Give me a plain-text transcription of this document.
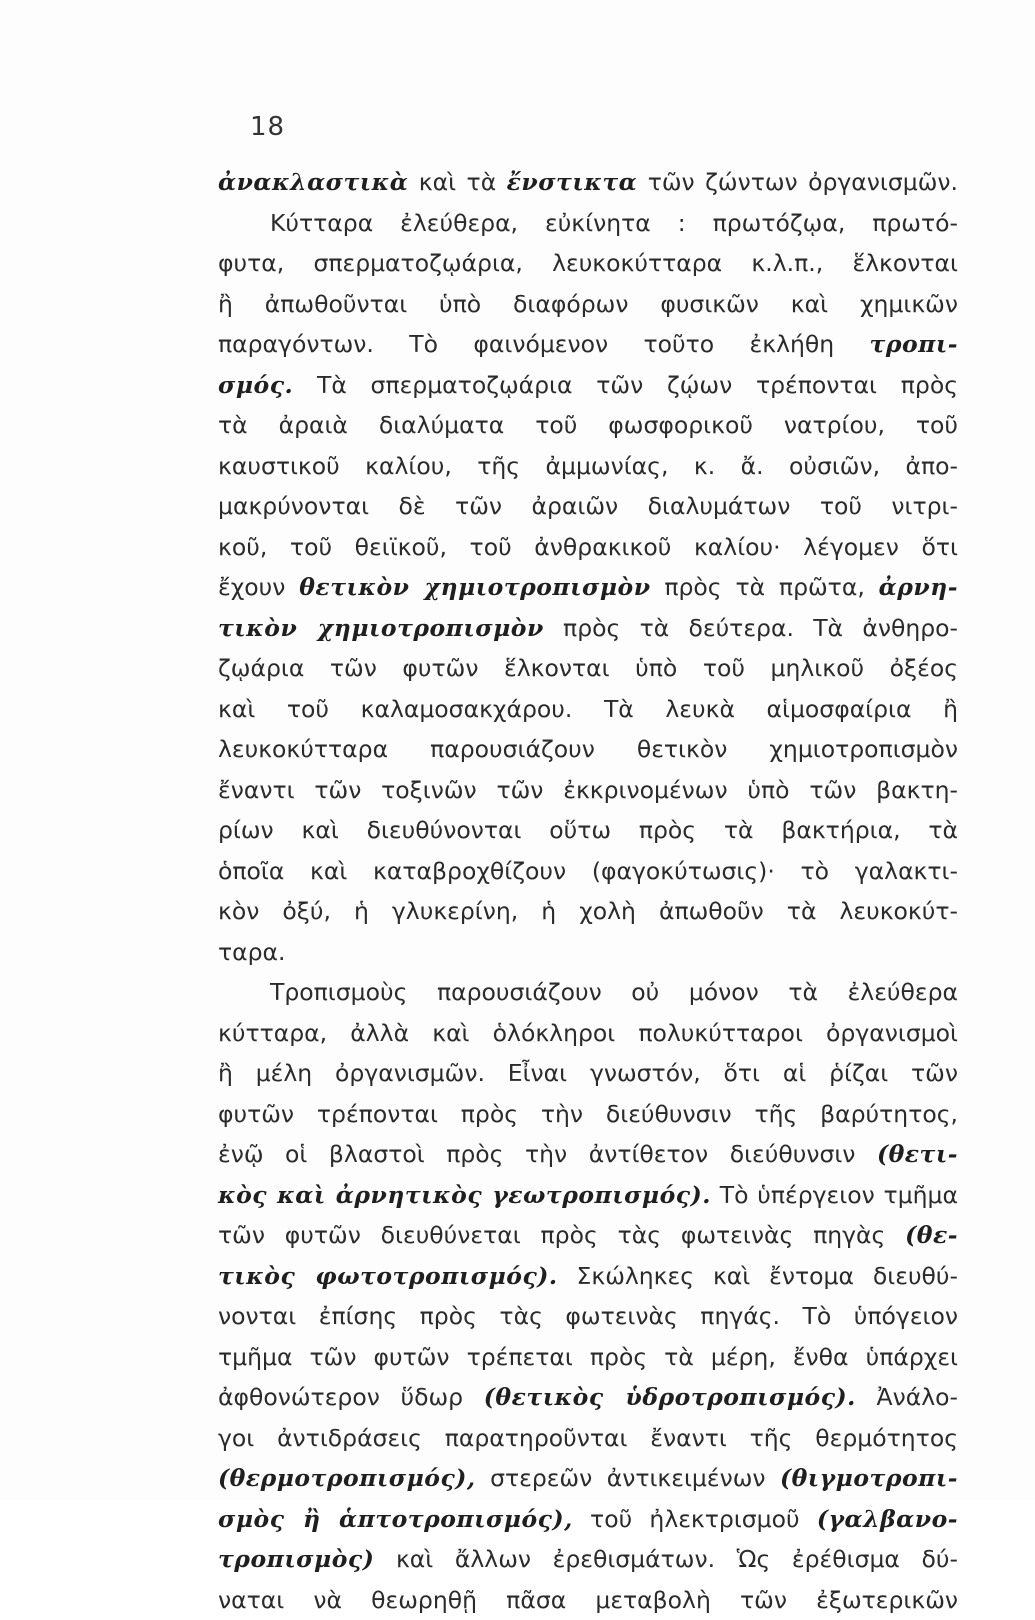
18
ἀνακλαστικὰ καὶ τὰ ἔνστικτα τῶν ζώντων ὀργανισμῶν.
Κύτταρα ἐλεύθερα, εὐκίνητα : πρωτόζῳα, πρωτό-
φυτα, σπερματοζῳάρια, λευκοκύτταρα κ.λ.π., ἕλκονται
ἢ ἀπωθοῦνται ὑπὸ διαφόρων φυσικῶν καὶ χημικῶν
παραγόντων. Τὸ φαινόμενον τοῦτο ἐκλήθη τροπι-
σμός. Τὰ σπερματοζῳάρια τῶν ζῴων τρέπονται πρὸς
τὰ ἀραιὰ διαλύματα τοῦ φωσφορικοῦ νατρίου, τοῦ
καυστικοῦ καλίου, τῆς ἀμμωνίας, κ. ἄ. οὐσιῶν, ἀπο-
μακρύνονται δὲ τῶν ἀραιῶν διαλυμάτων τοῦ νιτρι-
κοῦ, τοῦ θειϊκοῦ, τοῦ ἀνθρακικοῦ καλίου· λέγομεν ὅτι
ἔχουν θετικὸν χημιοτροπισμὸν πρὸς τὰ πρῶτα, ἀρνη-
τικὸν χημιοτροπισμὸν πρὸς τὰ δεύτερα. Τὰ ἀνθηρο-
ζῳάρια τῶν φυτῶν ἕλκονται ὑπὸ τοῦ μηλικοῦ ὀξέος
καὶ τοῦ καλαμοσακχάρου. Τὰ λευκὰ αἱμοσφαίρια ἢ
λευκοκύτταρα παρουσιάζουν θετικὸν χημιοτροπισμὸν
ἔναντι τῶν τοξινῶν τῶν ἐκκρινομένων ὑπὸ τῶν βακτη-
ρίων καὶ διευθύνονται οὕτω πρὸς τὰ βακτήρια, τὰ
ὁποῖα καὶ καταβροχθίζουν (φαγοκύτωσις)· τὸ γαλακτι-
κὸν ὀξύ, ἡ γλυκερίνη, ἡ χολὴ ἀπωθοῦν τὰ λευκοκύτ-
ταρα.
Τροπισμοὺς παρουσιάζουν οὐ μόνον τὰ ἐλεύθερα
κύτταρα, ἀλλὰ καὶ ὁλόκληροι πολυκύτταροι ὀργανισμοὶ
ἢ μέλη ὀργανισμῶν. Εἶναι γνωστόν, ὅτι αἱ ῥίζαι τῶν
φυτῶν τρέπονται πρὸς τὴν διεύθυνσιν τῆς βαρύτητος,
ἐνῷ οἱ βλαστοὶ πρὸς τὴν ἀντίθετον διεύθυνσιν (θετι-
κὸς καὶ ἀρνητικὸς γεωτροπισμός). Τὸ ὑπέργειον τμῆμα
τῶν φυτῶν διευθύνεται πρὸς τὰς φωτεινὰς πηγὰς (θε-
τικὸς φωτοτροπισμός). Σκώληκες καὶ ἔντομα διευθύ-
νονται ἐπίσης πρὸς τὰς φωτεινὰς πηγάς. Τὸ ὑπόγειον
τμῆμα τῶν φυτῶν τρέπεται πρὸς τὰ μέρη, ἔνθα ὑπάρχει
ἀφθονώτερον ὕδωρ (θετικὸς ὑδροτροπισμός). Ἀνάλο-
γοι ἀντιδράσεις παρατηροῦνται ἔναντι τῆς θερμότητος
(θερμοτροπισμός), στερεῶν ἀντικειμένων (θιγμοτροπι-
σμὸς ἢ ἁπτοτροπισμός), τοῦ ἠλεκτρισμοῦ (γαλβανο-
τροπισμὸς) καὶ ἄλλων ἐρεθισμάτων. Ὡς ἐρέθισμα δύ-
ναται νὰ θεωρηθῇ πᾶσα μεταβολὴ τῶν ἐξωτερικῶν
